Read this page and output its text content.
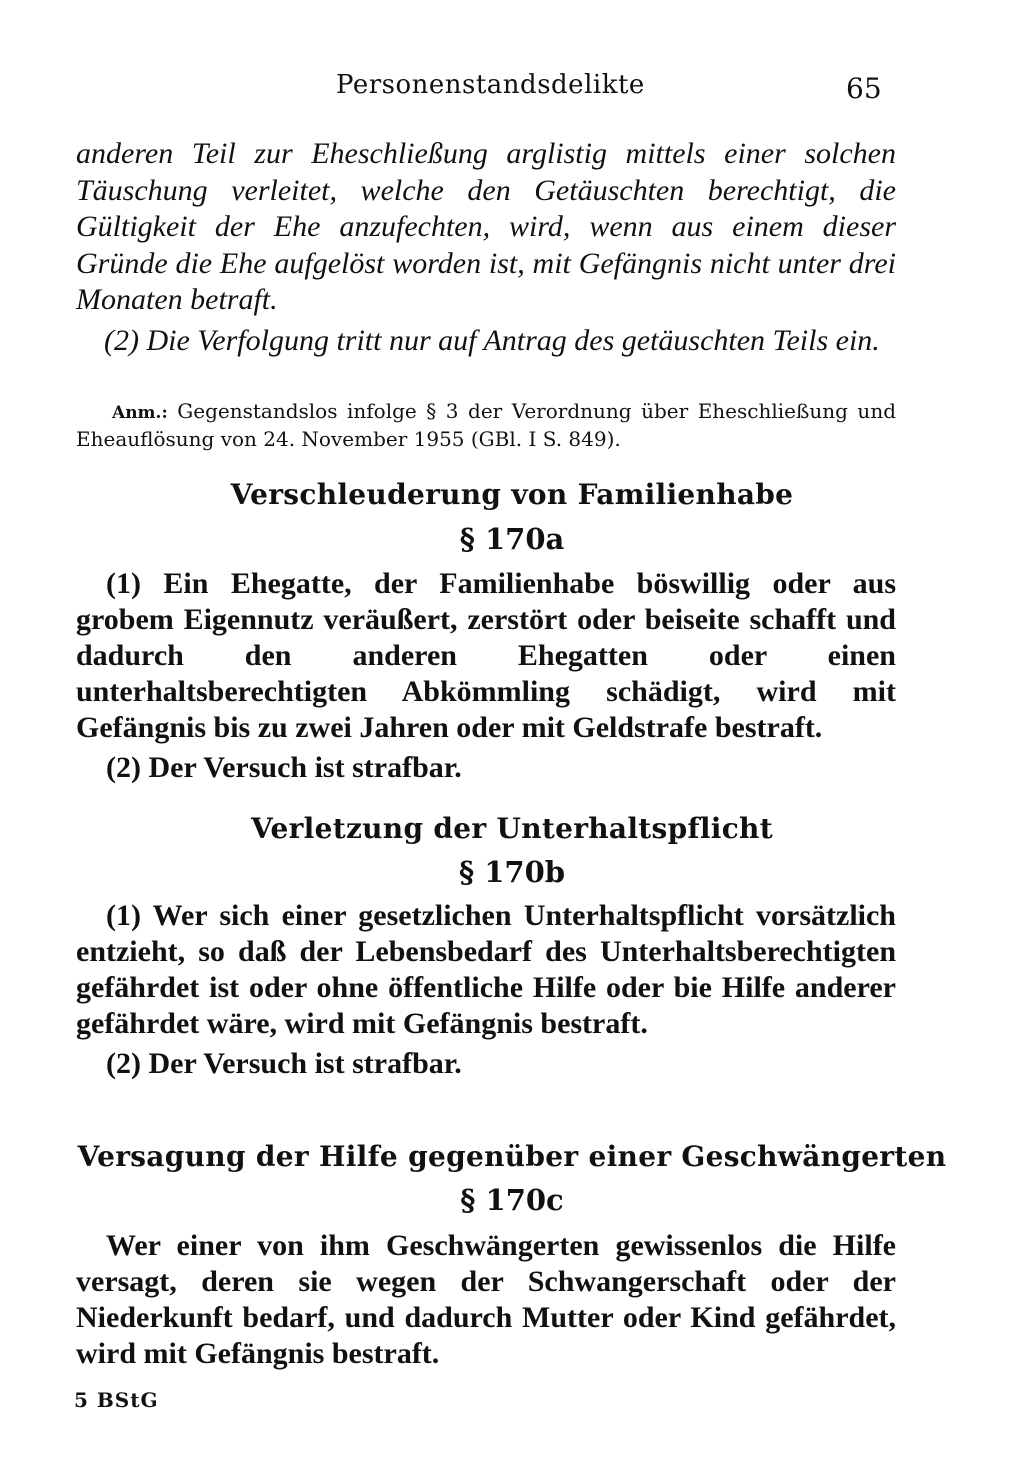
Personenstandsdelikte	65

anderen Teil zur Eheschließung arglistig mittels einer solchen Täuschung verleitet, welche den Getäuschten berechtigt, die Gültigkeit der Ehe anzufechten, wird, wenn aus einem dieser Gründe die Ehe aufgelöst worden ist, mit Gefängnis nicht unter drei Monaten betraft.

(2) Die Verfolgung tritt nur auf Antrag des getäuschten Teils ein.

Anm.: Gegenstandslos infolge § 3 der Verordnung über Eheschließung und Eheauflösung von 24. November 1955 (GBl. I S. 849).
Verschleuderung von Familienhabe
§ 170a

(1) Ein Ehegatte, der Familienhabe böswillig oder aus grobem Eigennutz veräußert, zerstört oder beiseite schafft und dadurch den anderen Ehegatten oder einen unterhaltsberechtigten Abkömmling schädigt, wird mit Gefängnis bis zu zwei Jahren oder mit Geldstrafe bestraft.

(2) Der Versuch ist strafbar.

Verletzung der Unterhaltspflicht
§ 170b

(1) Wer sich einer gesetzlichen Unterhaltspflicht vorsätzlich entzieht, so daß der Lebensbedarf des Unterhaltsberechtigten gefährdet ist oder ohne öffentliche Hilfe oder bie Hilfe anderer gefährdet wäre, wird mit Gefängnis bestraft.

(2) Der Versuch ist strafbar.

Versagung der Hilfe gegenüber einer Geschwängerten
§ 170c

Wer einer von ihm Geschwängerten gewissenlos die Hilfe versagt, deren sie wegen der Schwangerschaft oder der Niederkunft bedarf, und dadurch Mutter oder Kind gefährdet, wird mit Gefängnis bestraft.

5 BStG
